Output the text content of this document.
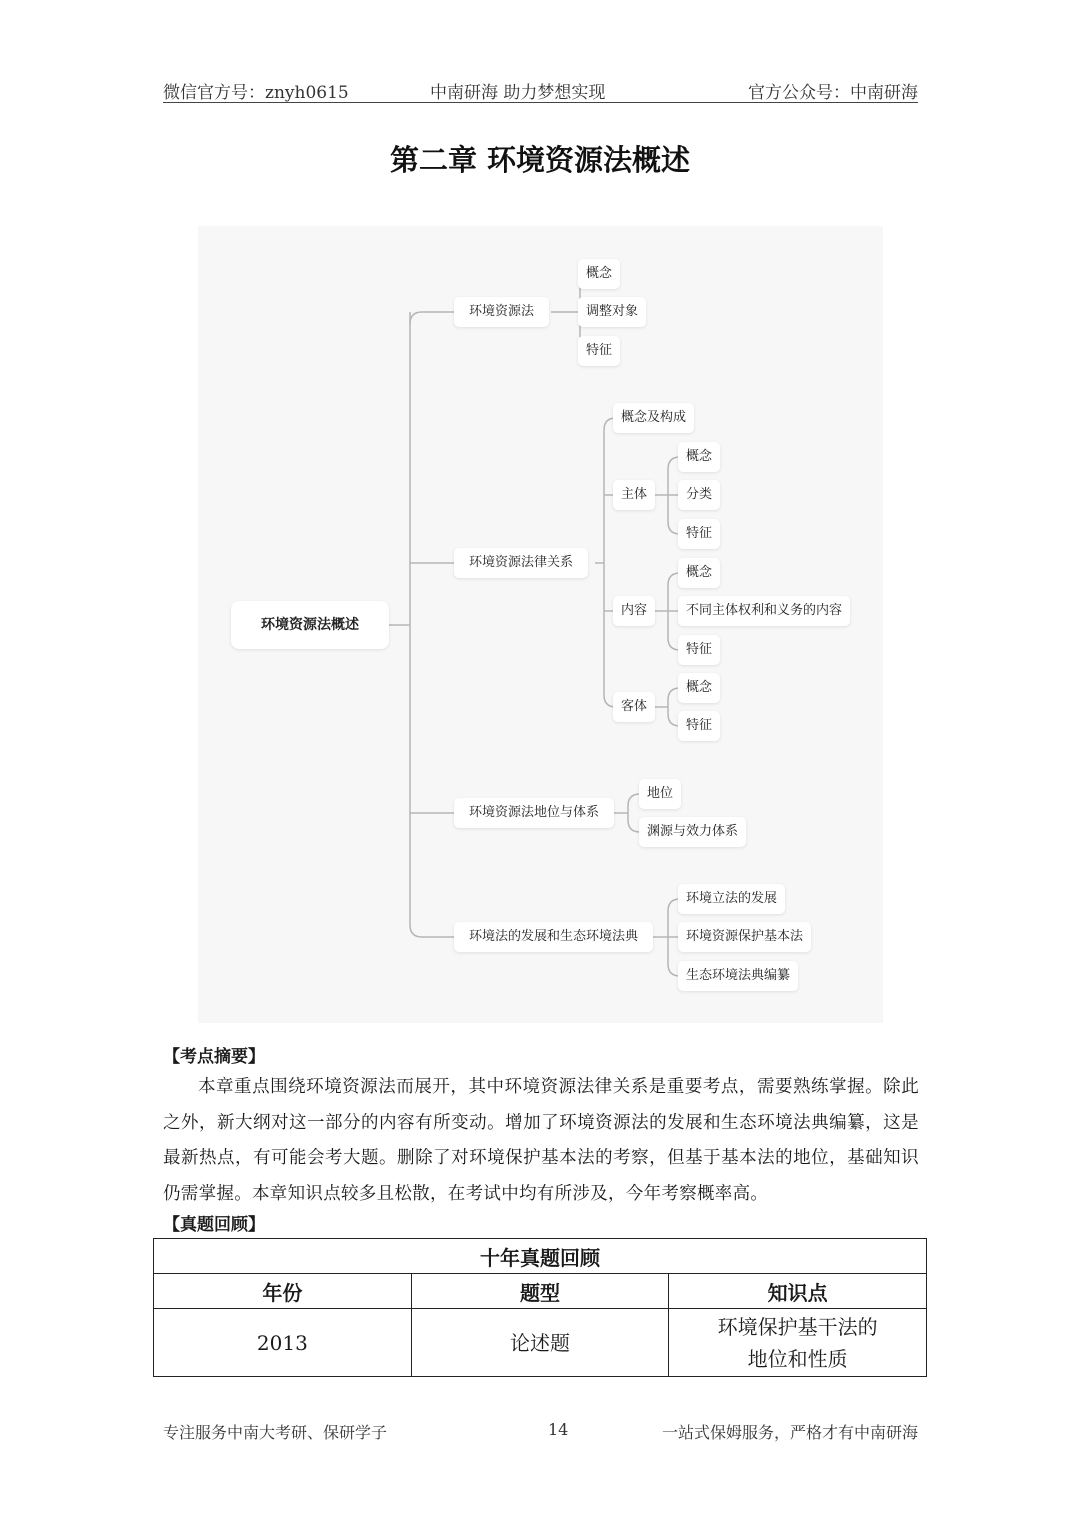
微信官方号：znyh0615	中南研海 助力梦想实现	官方公众号：中南研海
第二章 环境资源法概述
环境资源法概述
环境资源法
概念
调整对象
特征
环境资源法律关系
概念及构成
主体
概念
分类
特征
内容
概念
不同主体权利和义务的内容
特征
客体
概念
特征
环境资源法地位与体系
地位
渊源与效力体系
环境法的发展和生态环境法典
环境立法的发展
环境资源保护基本法
生态环境法典编纂
【考点摘要】
本章重点围绕环境资源法而展开，其中环境资源法律关系是重要考点，需要熟练掌握。除此之外，新大纲对这一部分的内容有所变动。增加了环境资源法的发展和生态环境法典编纂，这是最新热点，有可能会考大题。删除了对环境保护基本法的考察，但基于基本法的地位，基础知识仍需掌握。本章知识点较多且松散，在考试中均有所涉及，今年考察概率高。
【真题回顾】
十年真题回顾		
年份	题型	知识点
2013	论述题	环境保护基干法的
地位和性质
专注服务中南大考研、保研学子	14	一站式保姆服务，严格才有中南研海
